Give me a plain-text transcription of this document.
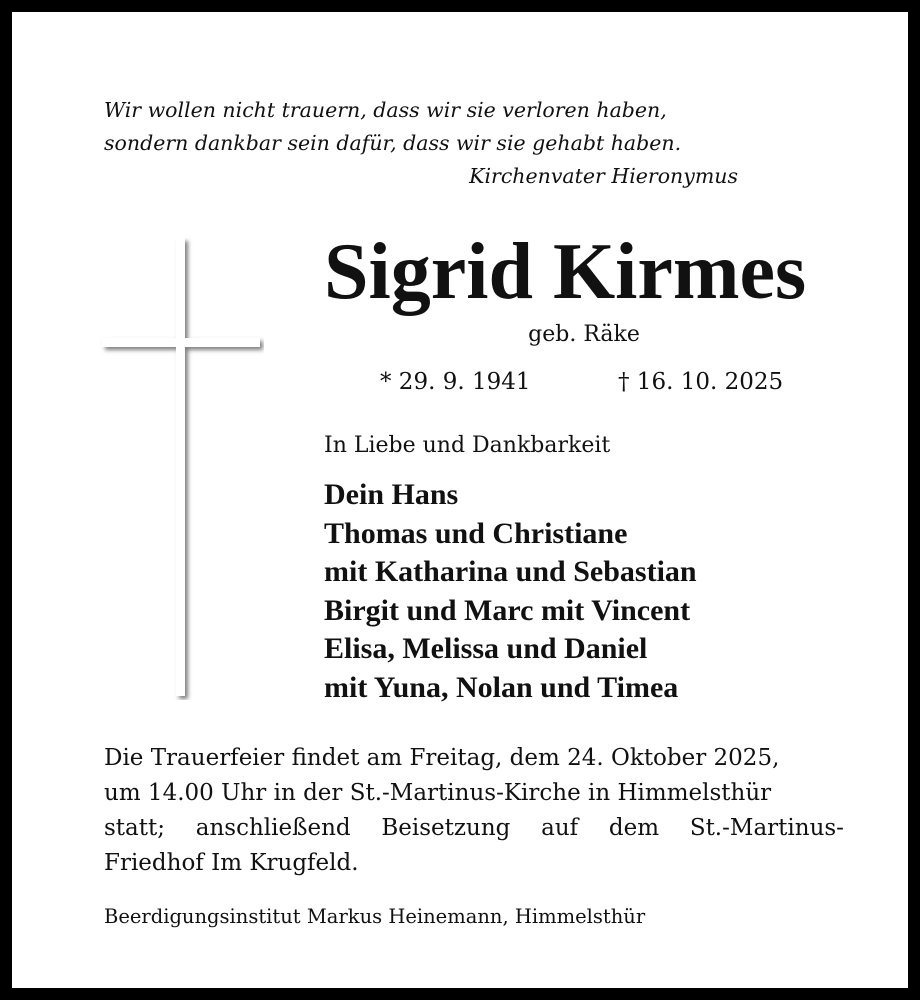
Wir wollen nicht trauern, dass wir sie verloren haben,
sondern dankbar sein dafür, dass wir sie gehabt haben.
Kirchenvater Hieronymus
Sigrid Kirmes
geb. Räke
* 29. 9. 1941	† 16. 10. 2025
In Liebe und Dankbarkeit
Dein Hans
Thomas und Christiane
mit Katharina und Sebastian
Birgit und Marc mit Vincent
Elisa, Melissa und Daniel
mit Yuna, Nolan und Timea
Die Trauerfeier findet am Freitag, dem 24. Oktober 2025,
um 14.00 Uhr in der St.-Martinus-Kirche in Himmelsthür
statt; anschließend Beisetzung auf dem St.-Martinus-
Friedhof Im Krugfeld.
Beerdigungsinstitut Markus Heinemann, Himmelsthür
